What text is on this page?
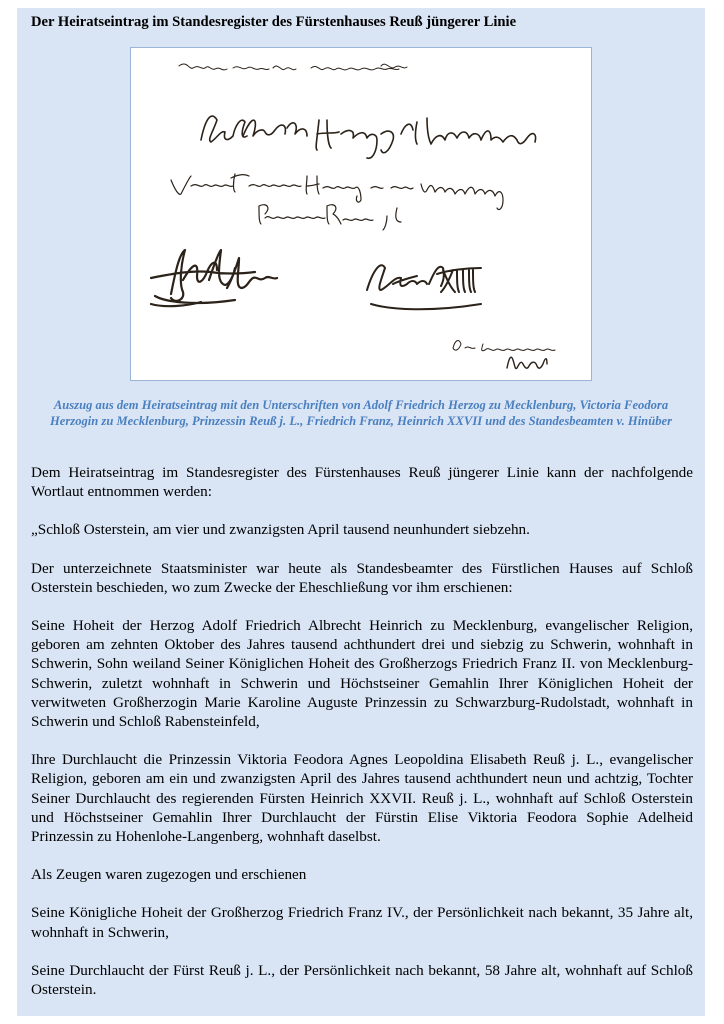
Der Heiratseintrag im Standesregister des Fürstenhauses Reuß jüngerer Linie
Auszug aus dem Heiratseintrag mit den Unterschriften von Adolf Friedrich Herzog zu Mecklenburg, Victoria Feodora Herzogin zu Mecklenburg, Prinzessin Reuß j. L., Friedrich Franz, Heinrich XXVII und des Standesbeamten v. Hinüber

Dem Heiratseintrag im Standesregister des Fürstenhauses Reuß jüngerer Linie kann der nachfolgende Wortlaut entnommen werden:

„Schloß Osterstein, am vier und zwanzigsten April tausend neunhundert siebzehn.

Der unterzeichnete Staatsminister war heute als Standesbeamter des Fürstlichen Hauses auf Schloß Osterstein beschieden, wo zum Zwecke der Eheschließung vor ihm erschienen:

Seine Hoheit der Herzog Adolf Friedrich Albrecht Heinrich zu Mecklenburg, evangelischer Religion, geboren am zehnten Oktober des Jahres tausend achthundert drei und siebzig zu Schwerin, wohnhaft in Schwerin, Sohn weiland Seiner Königlichen Hoheit des Großherzogs Friedrich Franz II. von Mecklenburg-Schwerin, zuletzt wohnhaft in Schwerin und Höchstseiner Gemahlin Ihrer Königlichen Hoheit der verwitweten Großherzogin Marie Karoline Auguste Prinzessin zu Schwarzburg-Rudolstadt, wohnhaft in Schwerin und Schloß Rabensteinfeld,

Ihre Durchlaucht die Prinzessin Viktoria Feodora Agnes Leopoldina Elisabeth Reuß j. L., evangelischer Religion, geboren am ein und zwanzigsten April des Jahres tausend achthundert neun und achtzig, Tochter Seiner Durchlaucht des regierenden Fürsten Heinrich XXVII. Reuß j. L., wohnhaft auf Schloß Osterstein und Höchstseiner Gemahlin Ihrer Durchlaucht der Fürstin Elise Viktoria Feodora Sophie Adelheid Prinzessin zu Hohenlohe-Langenberg, wohnhaft daselbst.

Als Zeugen waren zugezogen und erschienen

Seine Königliche Hoheit der Großherzog Friedrich Franz IV., der Persönlichkeit nach bekannt, 35 Jahre alt, wohnhaft in Schwerin,

Seine Durchlaucht der Fürst Reuß j. L., der Persönlichkeit nach bekannt, 58 Jahre alt, wohnhaft auf Schloß Osterstein.
